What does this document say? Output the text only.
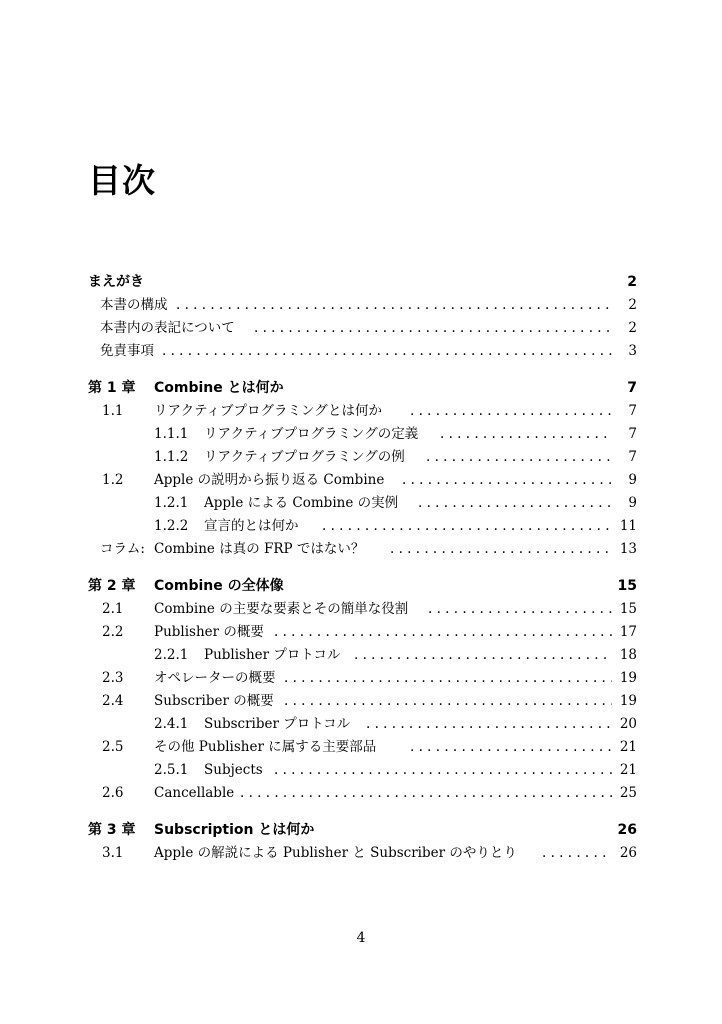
目次
まえがき	2
本書の構成 . . .	2
本書内の表記について . . .	2
免責事項 . . .	3
第 1 章 Combine とは何か	7
1.1 リアクティブプログラミングとは何か . . .	7
1.1.1 リアクティブプログラミングの定義 . . .	7
1.1.2 リアクティブプログラミングの例 . . .	7
1.2 Apple の説明から振り返る Combine . . .	9
1.2.1 Apple による Combine の実例 . . .	9
1.2.2 宣言的とは何か . . .	11
コラム: Combine は真の FRP ではない？ . . .	13
第 2 章 Combine の全体像	15
2.1 Combine の主要な要素とその簡単な役割 . . .	15
2.2 Publisher の概要 . . .	17
2.2.1 Publisher プロトコル . . .	18
2.3 オペレーターの概要 . . .	19
2.4 Subscriber の概要 . . .	19
2.4.1 Subscriber プロトコル . . .	20
2.5 その他 Publisher に属する主要部品 . . .	21
2.5.1 Subjects . . .	21
2.6 Cancellable . . .	25
第 3 章 Subscription とは何か	26
3.1 Apple の解説による Publisher と Subscriber のやりとり . . .	26
4
